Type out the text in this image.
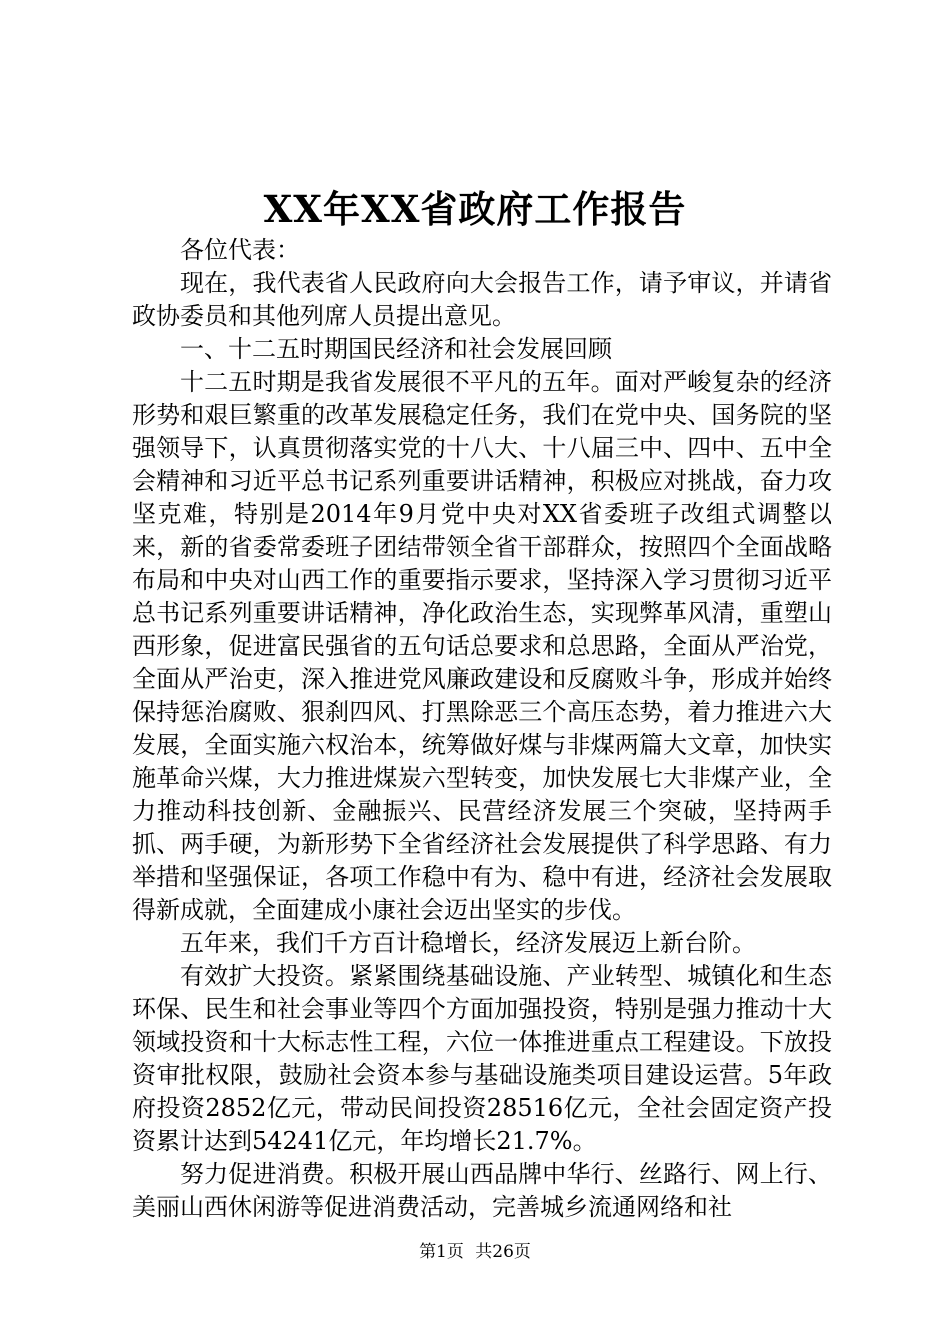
XX年XX省政府工作报告

各位代表：

现在，我代表省人民政府向大会报告工作，请予审议，并请省政协委员和其他列席人员提出意见。

一、十二五时期国民经济和社会发展回顾

十二五时期是我省发展很不平凡的五年。面对严峻复杂的经济形势和艰巨繁重的改革发展稳定任务，我们在党中央、国务院的坚强领导下，认真贯彻落实党的十八大、十八届三中、四中、五中全会精神和习近平总书记系列重要讲话精神，积极应对挑战，奋力攻坚克难，特别是2014年9月党中央对XX省委班子改组式调整以来，新的省委常委班子团结带领全省干部群众，按照四个全面战略布局和中央对山西工作的重要指示要求，坚持深入学习贯彻习近平总书记系列重要讲话精神，净化政治生态，实现弊革风清，重塑山西形象，促进富民强省的五句话总要求和总思路，全面从严治党，全面从严治吏，深入推进党风廉政建设和反腐败斗争，形成并始终保持惩治腐败、狠刹四风、打黑除恶三个高压态势，着力推进六大发展，全面实施六权治本，统筹做好煤与非煤两篇大文章，加快实施革命兴煤，大力推进煤炭六型转变，加快发展七大非煤产业，全力推动科技创新、金融振兴、民营经济发展三个突破，坚持两手抓、两手硬，为新形势下全省经济社会发展提供了科学思路、有力举措和坚强保证，各项工作稳中有为、稳中有进，经济社会发展取得新成就，全面建成小康社会迈出坚实的步伐。

五年来，我们千方百计稳增长，经济发展迈上新台阶。

有效扩大投资。紧紧围绕基础设施、产业转型、城镇化和生态环保、民生和社会事业等四个方面加强投资，特别是强力推动十大领域投资和十大标志性工程，六位一体推进重点工程建设。下放投资审批权限，鼓励社会资本参与基础设施类项目建设运营。5年政府投资2852亿元，带动民间投资28516亿元，全社会固定资产投资累计达到54241亿元，年均增长21.7%。

努力促进消费。积极开展山西品牌中华行、丝路行、网上行、美丽山西休闲游等促进消费活动，完善城乡流通网络和社

第1页 共26页
